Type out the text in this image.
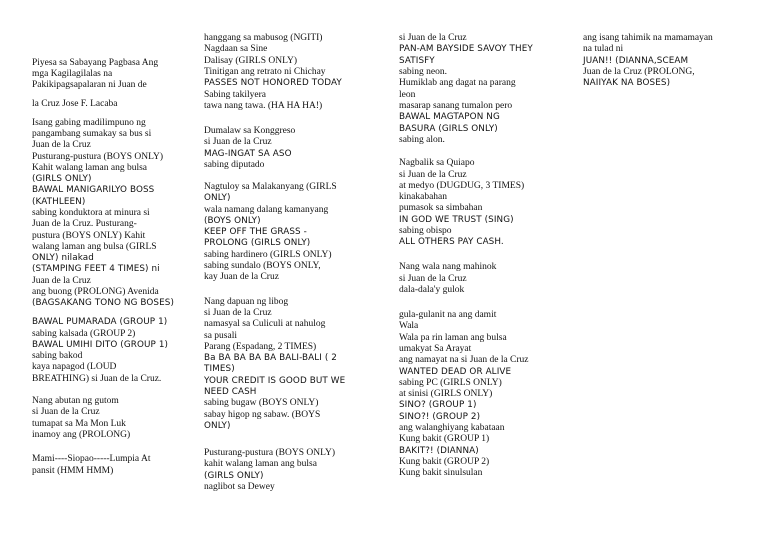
Piyesa sa Sabayang Pagbasa Ang
mga Kagilagilalas na
Pakikipagsapalaran ni Juan de
la Cruz Jose F. Lacaba
Isang gabing madilimpuno ng
pangambang sumakay sa bus si
Juan de la Cruz
Pusturang-pustura (BOYS ONLY)
Kahit walang laman ang bulsa
(GIRLS ONLY)
BAWAL MANIGARILYO BOSS
(KATHLEEN)
sabing konduktora at minura si
Juan de la Cruz. Pusturang-
pustura (BOYS ONLY) Kahit
walang laman ang bulsa (GIRLS
ONLY) nilakad
(STAMPING FEET 4 TIMES) ni
Juan de la Cruz
ang buong (PROLONG) Avenida
(BAGSAKANG TONO NG BOSES)
BAWAL PUMARADA (GROUP 1)
sabing kalsada (GROUP 2)
BAWAL UMIHI DITO (GROUP 1)
sabing bakod
kaya napagod (LOUD
BREATHING) si Juan de la Cruz.
Nang abutan ng gutom
si Juan de la Cruz
tumapat sa Ma Mon Luk
inamoy ang (PROLONG)
Mami----Siopao-----Lumpia At
pansit (HMM HMM)
hanggang sa mabusog (NGITI)
Nagdaan sa Sine
Dalisay (GIRLS ONLY)
Tinitigan ang retrato ni Chichay
PASSES NOT HONORED TODAY
Sabing takilyera
tawa nang tawa. (HA HA HA!)
Dumalaw sa Konggreso
si Juan de la Cruz
MAG-INGAT SA ASO
sabing diputado
Nagtuloy sa Malakanyang (GIRLS
ONLY)
wala namang dalang kamanyang
(BOYS ONLY)
KEEP OFF THE GRASS -
PROLONG (GIRLS ONLY)
sabing hardinero (GIRLS ONLY)
sabing sundalo (BOYS ONLY,
kay Juan de la Cruz
Nang dapuan ng libog
si Juan de la Cruz
namasyal sa Culiculi at nahulog
sa pusali
Parang (Espadang, 2 TIMES)
Ba BA BA BA BA BALI-BALI ( 2
TIMES)
YOUR CREDIT IS GOOD BUT WE
NEED CASH
sabing bugaw (BOYS ONLY)
sabay higop ng sabaw. (BOYS
ONLY)
Pusturang-pustura (BOYS ONLY)
kahit walang laman ang bulsa
(GIRLS ONLY)
naglibot sa Dewey
si Juan de la Cruz
PAN-AM BAYSIDE SAVOY THEY
SATISFY
sabing neon.
Humiklab ang dagat na parang
leon
masarap sanang tumalon pero
BAWAL MAGTAPON NG
BASURA (GIRLS ONLY)
sabing alon.
Nagbalik sa Quiapo
si Juan de la Cruz
at medyo (DUGDUG, 3 TIMES)
kinakabahan
pumasok sa simbahan
IN GOD WE TRUST (SING)
sabing obispo
ALL OTHERS PAY CASH.
Nang wala nang mahinok
si Juan de la Cruz
dala-dala'y gulok
gula-gulanit na ang damit
Wala
Wala pa rin laman ang bulsa
umakyat Sa Arayat
ang namayat na si Juan de la Cruz
WANTED DEAD OR ALIVE
sabing PC (GIRLS ONLY)
at sinisi (GIRLS ONLY)
SINO? (GROUP 1)
SINO?! (GROUP 2)
ang walanghiyang kabataan
Kung bakit (GROUP 1)
BAKIT?! (DIANNA)
Kung bakit (GROUP 2)
Kung bakit sinulsulan
ang isang tahimik na mamamayan
na tulad ni
JUAN!! (DIANNA,SCEAM
Juan de la Cruz (PROLONG,
NAIIYAK NA BOSES)
